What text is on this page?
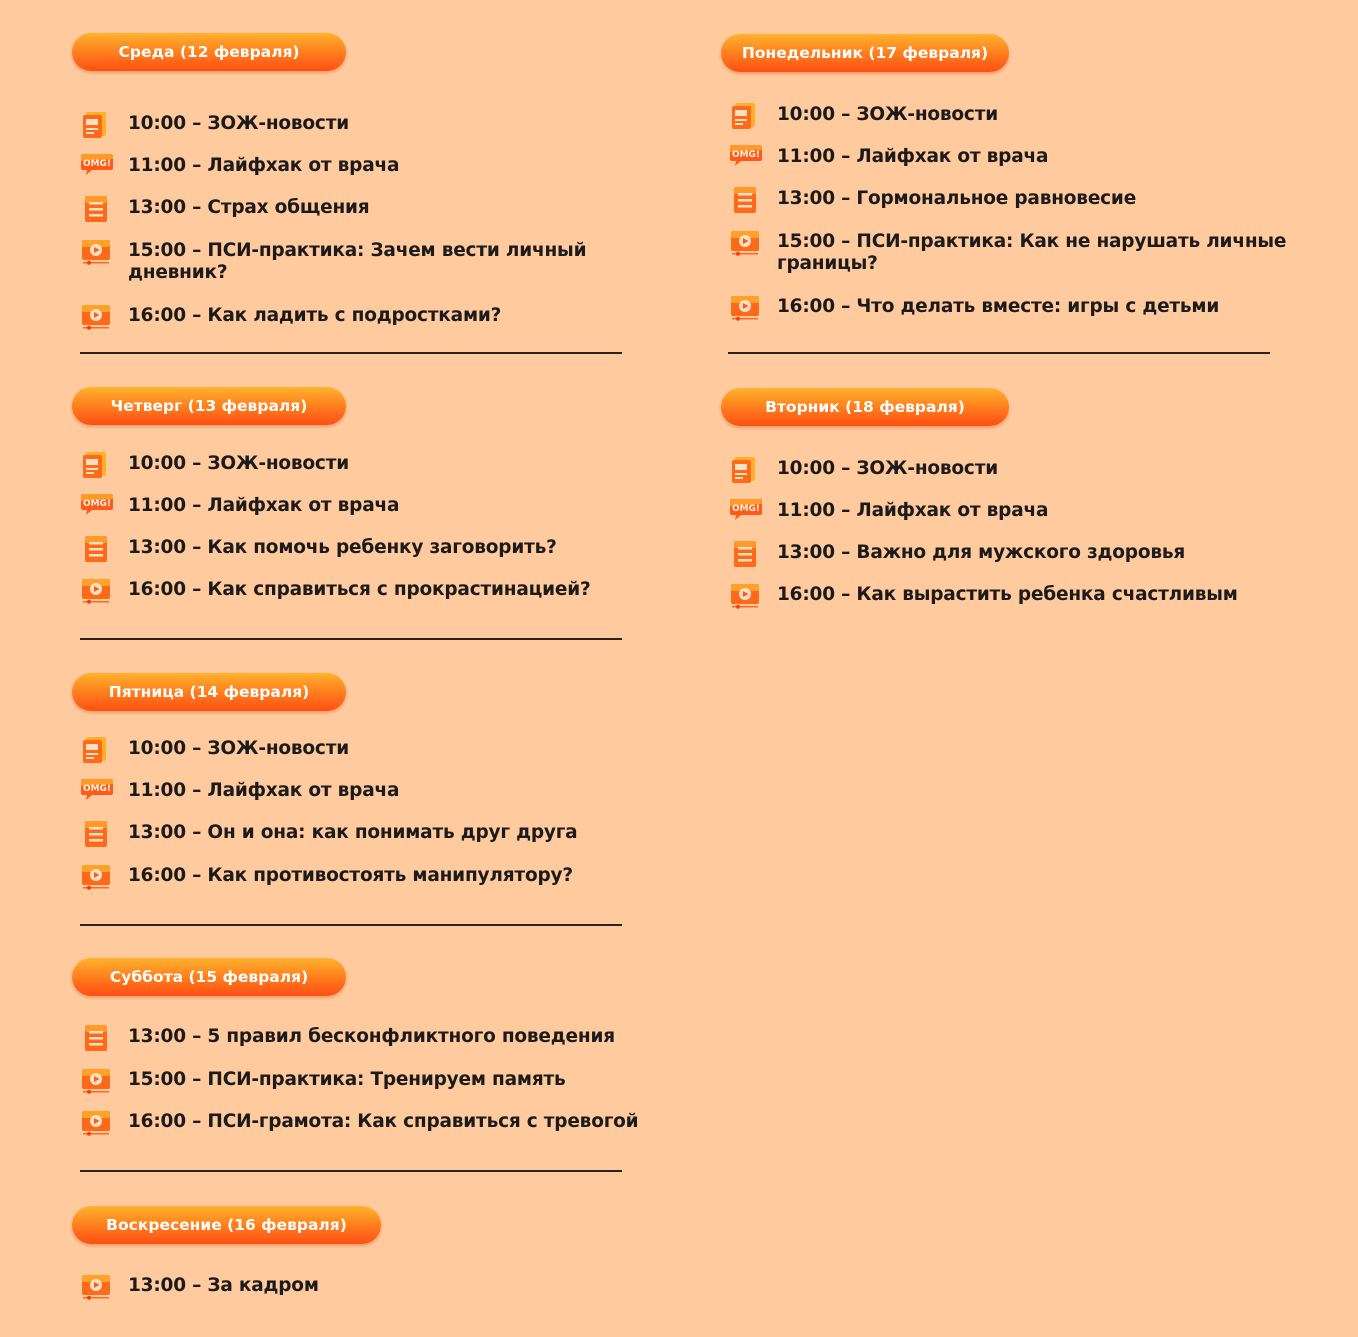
Среда (12 февраля)
10:00 – ЗОЖ-новости
OMG! 11:00 – Лайфхак от врача
13:00 – Страх общения
15:00 – ПСИ-практика: Зачем вести личный
дневник?
16:00 – Как ладить с подростками?
Четверг (13 февраля)
10:00 – ЗОЖ-новости
OMG! 11:00 – Лайфхак от врача
13:00 – Как помочь ребенку заговорить?
16:00 – Как справиться с прокрастинацией?
Пятница (14 февраля)
10:00 – ЗОЖ-новости
OMG! 11:00 – Лайфхак от врача
13:00 – Он и она: как понимать друг друга
16:00 – Как противостоять манипулятору?
Суббота (15 февраля)
13:00 – 5 правил бесконфликтного поведения
15:00 – ПСИ-практика: Тренируем память
16:00 – ПСИ-грамота: Как справиться с тревогой
Воскресение (16 февраля)
13:00 – За кадром
Понедельник (17 февраля)
10:00 – ЗОЖ-новости
OMG! 11:00 – Лайфхак от врача
13:00 – Гормональное равновесие
15:00 – ПСИ-практика: Как не нарушать личные
границы?
16:00 – Что делать вместе: игры с детьми
Вторник (18 февраля)
10:00 – ЗОЖ-новости
OMG! 11:00 – Лайфхак от врача
13:00 – Важно для мужского здоровья
16:00 – Как вырастить ребенка счастливым
